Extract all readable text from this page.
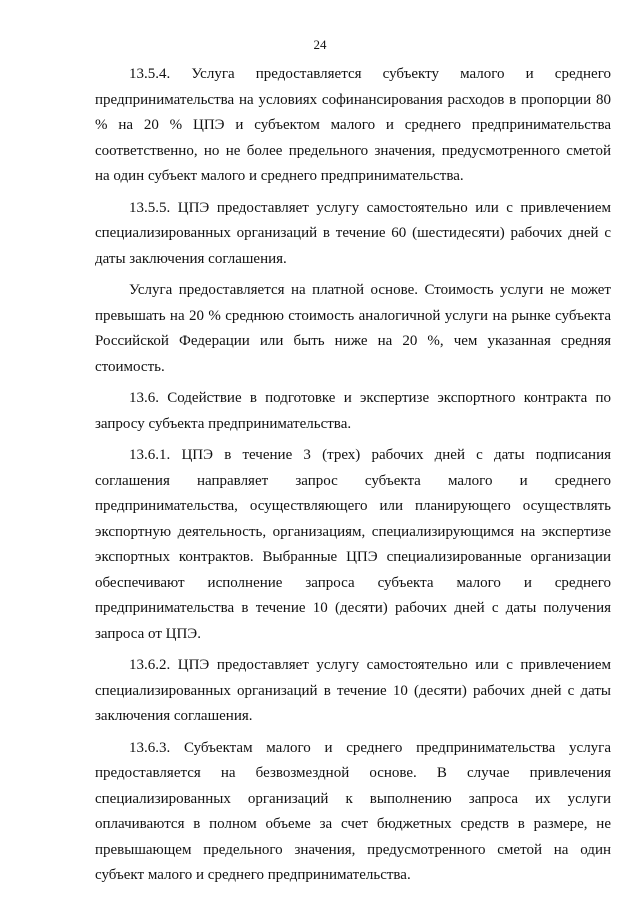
24

13.5.4. Услуга предоставляется субъекту малого и среднего предпринимательства на условиях софинансирования расходов в пропорции 80 % на 20 % ЦПЭ и субъектом малого и среднего предпринимательства соответственно, но не более предельного значения, предусмотренного сметой на один субъект малого и среднего предпринимательства.

13.5.5. ЦПЭ предоставляет услугу самостоятельно или с привлечением специализированных организаций в течение 60 (шестидесяти) рабочих дней с даты заключения соглашения.

Услуга предоставляется на платной основе. Стоимость услуги не может превышать на 20 % среднюю стоимость аналогичной услуги на рынке субъекта Российской Федерации или быть ниже на 20 %, чем указанная средняя стоимость.

13.6. Содействие в подготовке и экспертизе экспортного контракта по запросу субъекта предпринимательства.

13.6.1. ЦПЭ в течение 3 (трех) рабочих дней с даты подписания соглашения направляет запрос субъекта малого и среднего предпринимательства, осуществляющего или планирующего осуществлять экспортную деятельность, организациям, специализирующимся на экспертизе экспортных контрактов. Выбранные ЦПЭ специализированные организации обеспечивают исполнение запроса субъекта малого и среднего предпринимательства в течение 10 (десяти) рабочих дней с даты получения запроса от ЦПЭ.

13.6.2. ЦПЭ предоставляет услугу самостоятельно или с привлечением специализированных организаций в течение 10 (десяти) рабочих дней с даты заключения соглашения.

13.6.3. Субъектам малого и среднего предпринимательства услуга предоставляется на безвозмездной основе. В случае привлечения специализированных организаций к выполнению запроса их услуги оплачиваются в полном объеме за счет бюджетных средств в размере, не превышающем предельного значения, предусмотренного сметой на один субъект малого и среднего предпринимательства.
